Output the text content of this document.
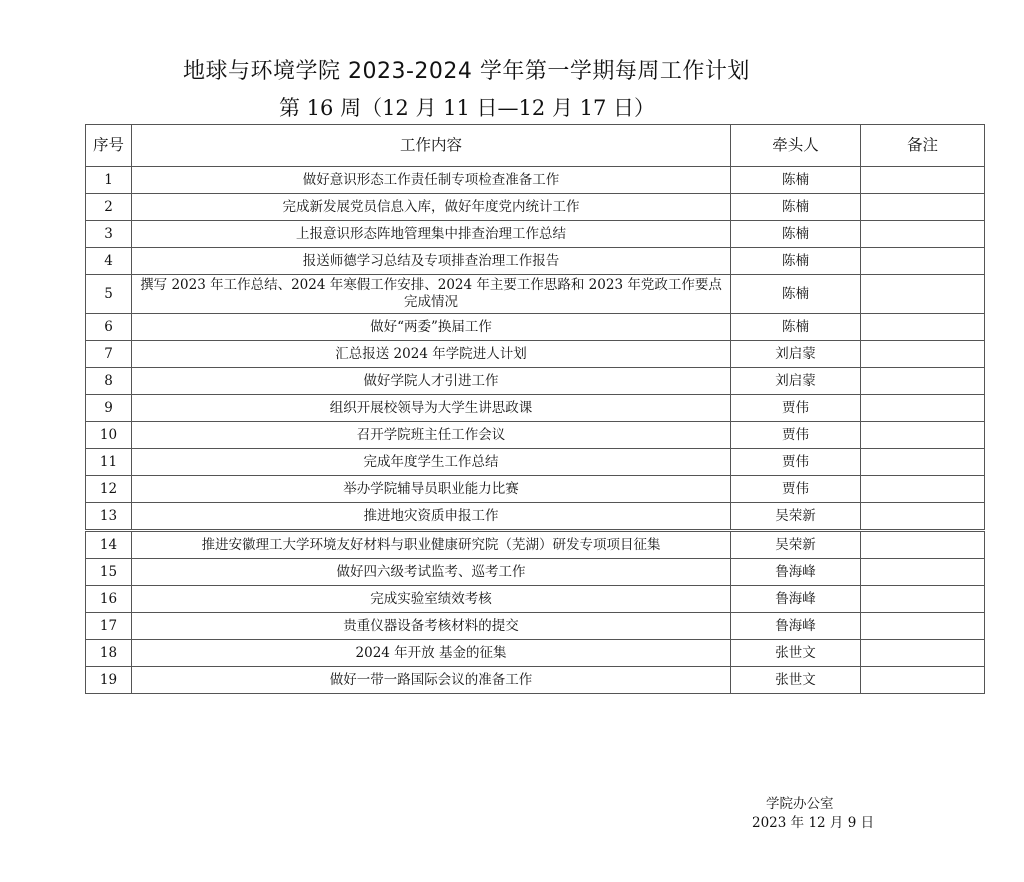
地球与环境学院 2023-2024 学年第一学期每周工作计划
第 16 周（12 月 11 日—12 月 17 日）
序号	工作内容	牵头人	备注
1	做好意识形态工作责任制专项检查准备工作	陈楠	
2	完成新发展党员信息入库，做好年度党内统计工作	陈楠	
3	上报意识形态阵地管理集中排查治理工作总结	陈楠	
4	报送师德学习总结及专项排查治理工作报告	陈楠	
5	撰写 2023 年工作总结、2024 年寒假工作安排、2024 年主要工作思路和 2023 年党政工作要点完成情况	陈楠	
6	做好“两委”换届工作	陈楠	
7	汇总报送 2024 年学院进人计划	刘启蒙	
8	做好学院人才引进工作	刘启蒙	
9	组织开展校领导为大学生讲思政课	贾伟	
10	召开学院班主任工作会议	贾伟	
11	完成年度学生工作总结	贾伟	
12	举办学院辅导员职业能力比赛	贾伟	
13	推进地灾资质申报工作	吴荣新	
14	推进安徽理工大学环境友好材料与职业健康研究院（芜湖）研发专项项目征集	吴荣新	
15	做好四六级考试监考、巡考工作	鲁海峰	
16	完成实验室绩效考核	鲁海峰	
17	贵重仪器设备考核材料的提交	鲁海峰	
18	2024 年开放 基金的征集	张世文	
19	做好一带一路国际会议的准备工作	张世文	
学院办公室
2023 年 12 月 9 日
